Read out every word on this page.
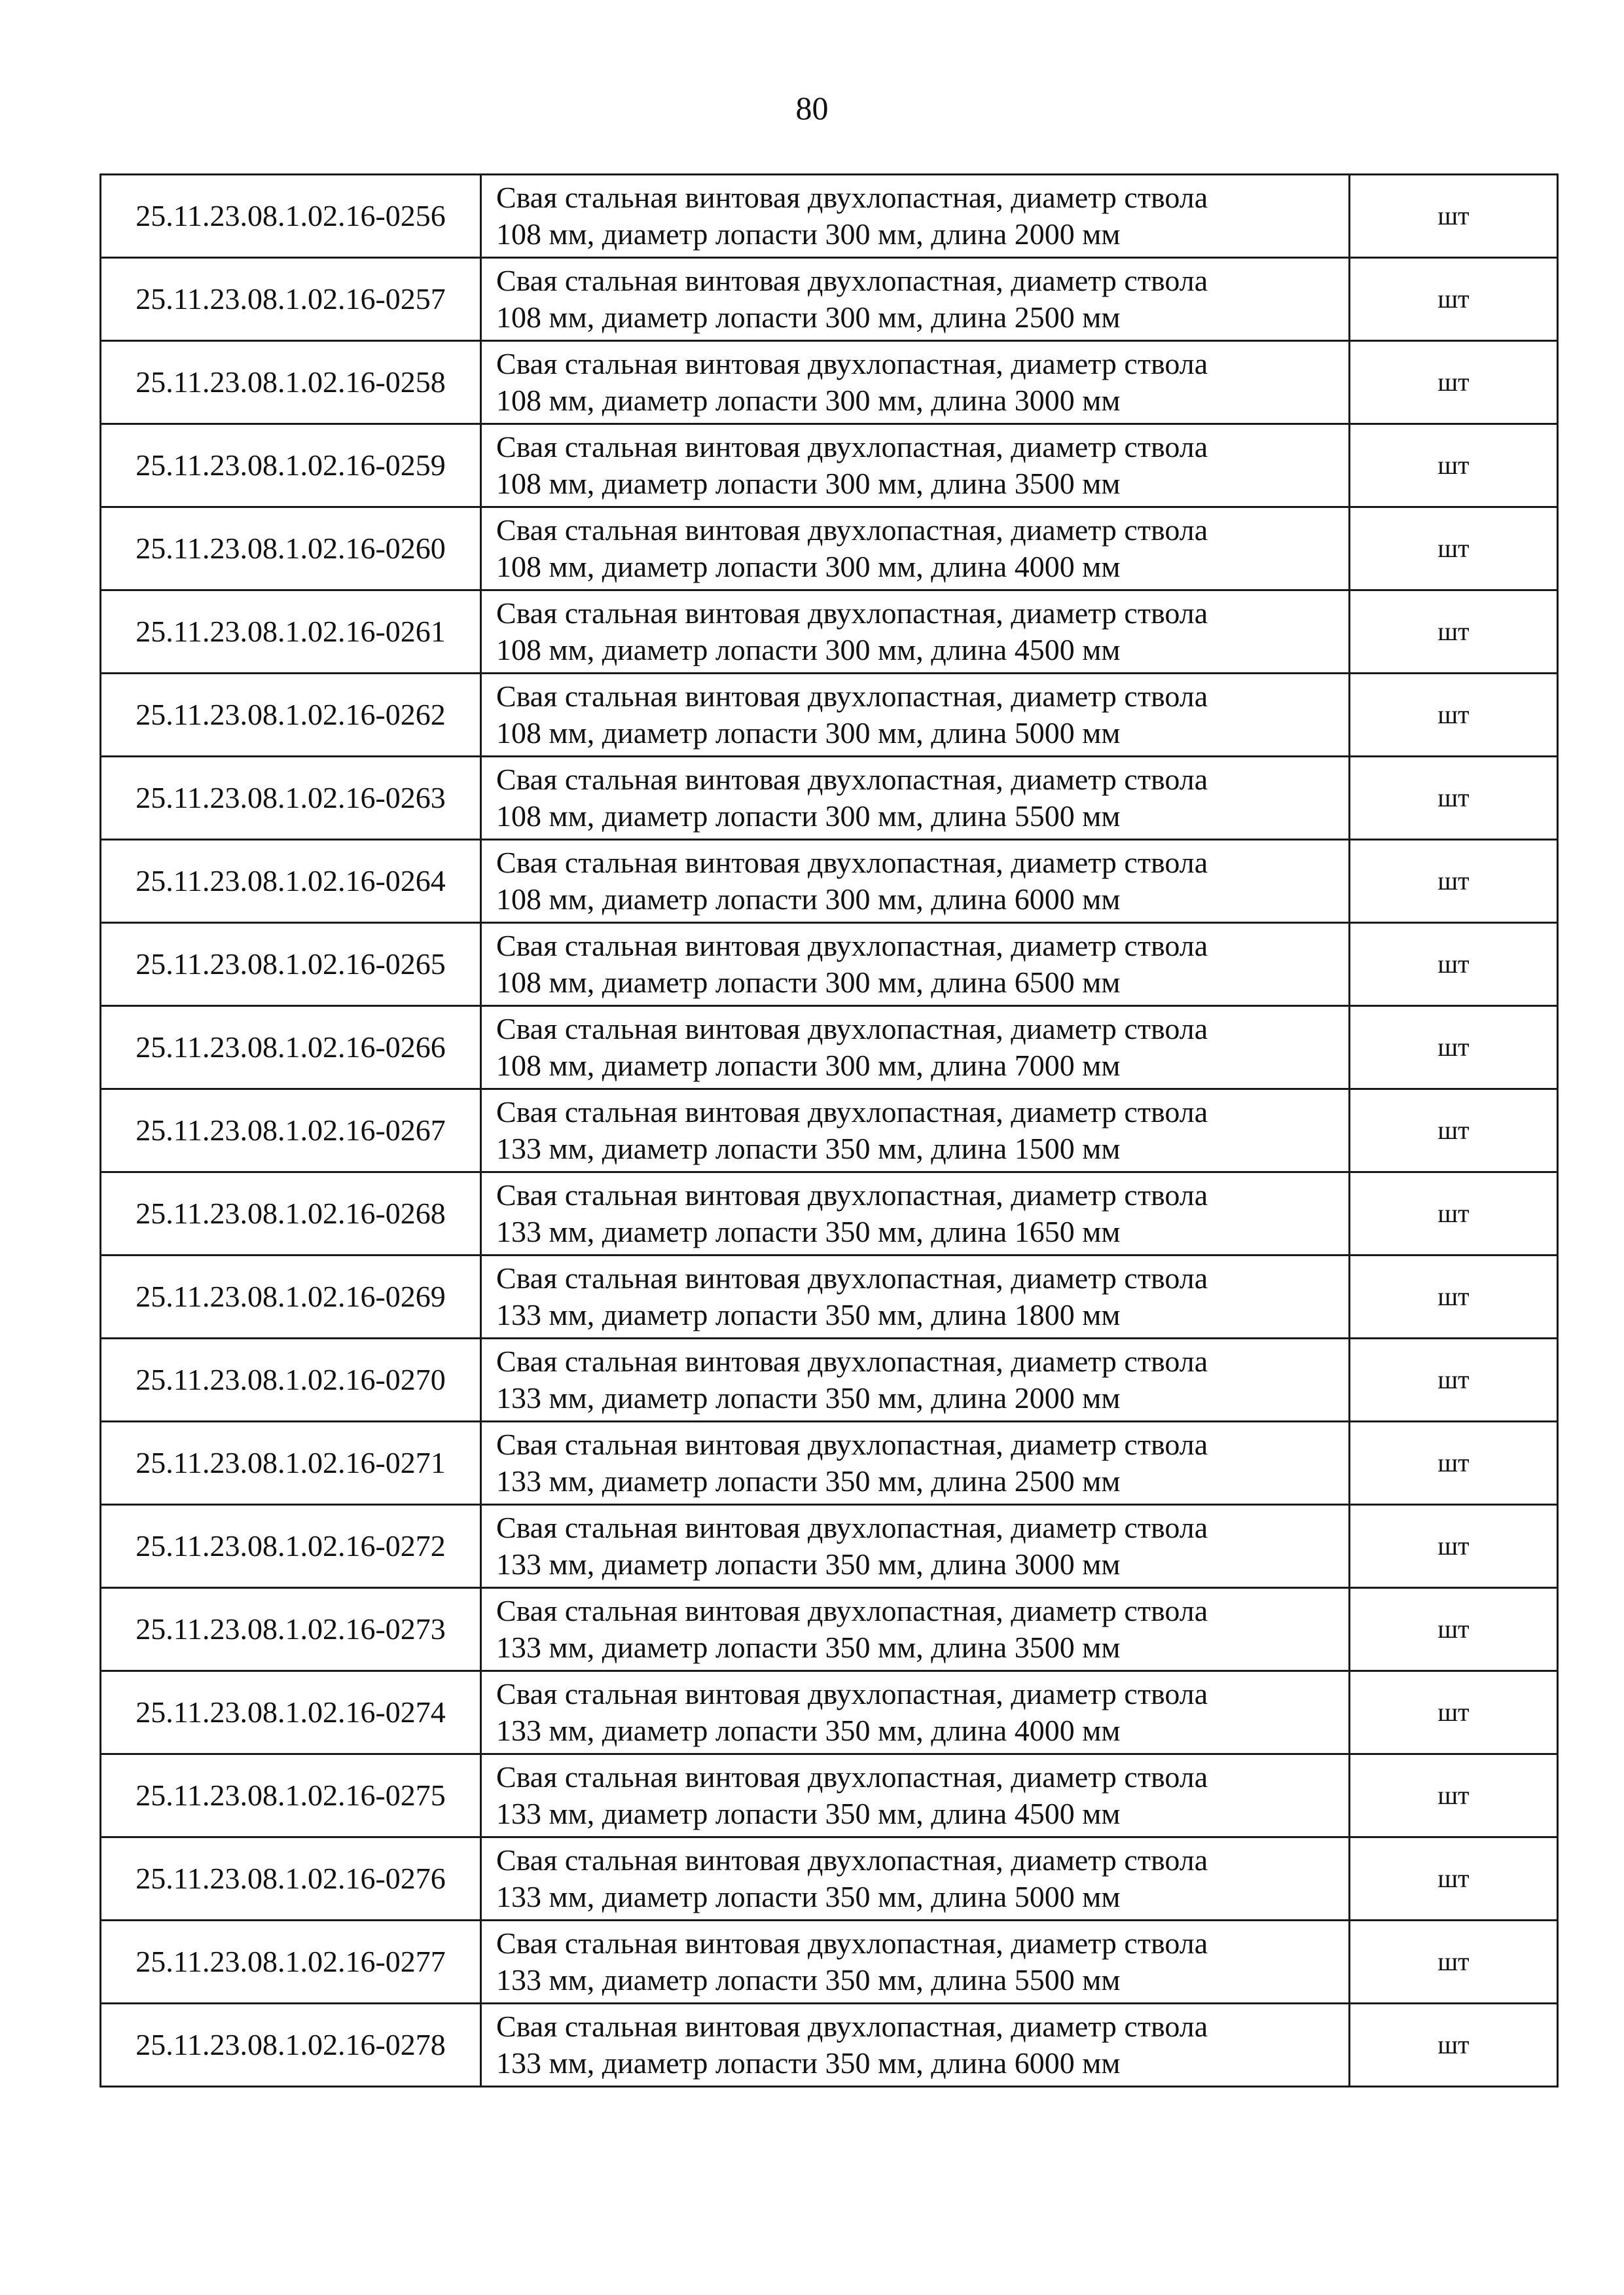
80
25.11.23.08.1.02.16-0256	Свая стальная винтовая двухлопастная, диаметр ствола
108 мм, диаметр лопасти 300 мм, длина 2000 мм	шт
25.11.23.08.1.02.16-0257	Свая стальная винтовая двухлопастная, диаметр ствола
108 мм, диаметр лопасти 300 мм, длина 2500 мм	шт
25.11.23.08.1.02.16-0258	Свая стальная винтовая двухлопастная, диаметр ствола
108 мм, диаметр лопасти 300 мм, длина 3000 мм	шт
25.11.23.08.1.02.16-0259	Свая стальная винтовая двухлопастная, диаметр ствола
108 мм, диаметр лопасти 300 мм, длина 3500 мм	шт
25.11.23.08.1.02.16-0260	Свая стальная винтовая двухлопастная, диаметр ствола
108 мм, диаметр лопасти 300 мм, длина 4000 мм	шт
25.11.23.08.1.02.16-0261	Свая стальная винтовая двухлопастная, диаметр ствола
108 мм, диаметр лопасти 300 мм, длина 4500 мм	шт
25.11.23.08.1.02.16-0262	Свая стальная винтовая двухлопастная, диаметр ствола
108 мм, диаметр лопасти 300 мм, длина 5000 мм	шт
25.11.23.08.1.02.16-0263	Свая стальная винтовая двухлопастная, диаметр ствола
108 мм, диаметр лопасти 300 мм, длина 5500 мм	шт
25.11.23.08.1.02.16-0264	Свая стальная винтовая двухлопастная, диаметр ствола
108 мм, диаметр лопасти 300 мм, длина 6000 мм	шт
25.11.23.08.1.02.16-0265	Свая стальная винтовая двухлопастная, диаметр ствола
108 мм, диаметр лопасти 300 мм, длина 6500 мм	шт
25.11.23.08.1.02.16-0266	Свая стальная винтовая двухлопастная, диаметр ствола
108 мм, диаметр лопасти 300 мм, длина 7000 мм	шт
25.11.23.08.1.02.16-0267	Свая стальная винтовая двухлопастная, диаметр ствола
133 мм, диаметр лопасти 350 мм, длина 1500 мм	шт
25.11.23.08.1.02.16-0268	Свая стальная винтовая двухлопастная, диаметр ствола
133 мм, диаметр лопасти 350 мм, длина 1650 мм	шт
25.11.23.08.1.02.16-0269	Свая стальная винтовая двухлопастная, диаметр ствола
133 мм, диаметр лопасти 350 мм, длина 1800 мм	шт
25.11.23.08.1.02.16-0270	Свая стальная винтовая двухлопастная, диаметр ствола
133 мм, диаметр лопасти 350 мм, длина 2000 мм	шт
25.11.23.08.1.02.16-0271	Свая стальная винтовая двухлопастная, диаметр ствола
133 мм, диаметр лопасти 350 мм, длина 2500 мм	шт
25.11.23.08.1.02.16-0272	Свая стальная винтовая двухлопастная, диаметр ствола
133 мм, диаметр лопасти 350 мм, длина 3000 мм	шт
25.11.23.08.1.02.16-0273	Свая стальная винтовая двухлопастная, диаметр ствола
133 мм, диаметр лопасти 350 мм, длина 3500 мм	шт
25.11.23.08.1.02.16-0274	Свая стальная винтовая двухлопастная, диаметр ствола
133 мм, диаметр лопасти 350 мм, длина 4000 мм	шт
25.11.23.08.1.02.16-0275	Свая стальная винтовая двухлопастная, диаметр ствола
133 мм, диаметр лопасти 350 мм, длина 4500 мм	шт
25.11.23.08.1.02.16-0276	Свая стальная винтовая двухлопастная, диаметр ствола
133 мм, диаметр лопасти 350 мм, длина 5000 мм	шт
25.11.23.08.1.02.16-0277	Свая стальная винтовая двухлопастная, диаметр ствола
133 мм, диаметр лопасти 350 мм, длина 5500 мм	шт
25.11.23.08.1.02.16-0278	Свая стальная винтовая двухлопастная, диаметр ствола
133 мм, диаметр лопасти 350 мм, длина 6000 мм	шт
